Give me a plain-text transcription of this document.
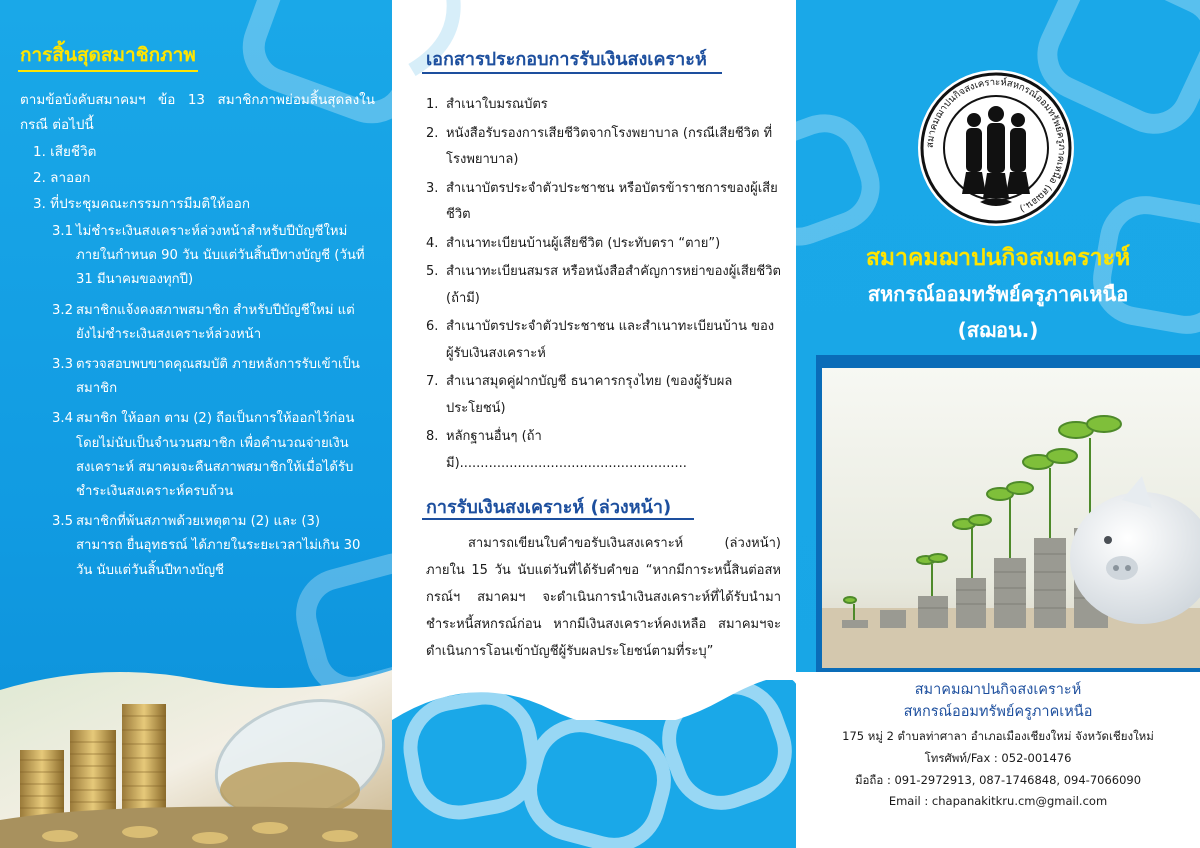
การสิ้นสุดสมาชิกภาพ
ตามข้อบังคับสมาคมฯ ข้อ 13 สมาชิกภาพย่อมสิ้นสุดลงในกรณี ต่อไปนี้
1. เสียชีวิต
2. ลาออก
3. ที่ประชุมคณะกรรมการมีมติให้ออก
3.1 ไม่ชำระเงินสงเคราะห์ล่วงหน้าสำหรับปีบัญชีใหม่ ภายในกำหนด 90 วัน นับแต่วันสิ้นปีทางบัญชี (วันที่ 31 มีนาคมของทุกปี)
3.2 สมาชิกแจ้งคงสภาพสมาชิก สำหรับปีบัญชีใหม่ แต่ยังไม่ชำระเงินสงเคราะห์ล่วงหน้า
3.3 ตรวจสอบพบขาดคุณสมบัติ ภายหลังการรับเข้าเป็นสมาชิก
3.4 สมาชิก ให้ออก ตาม (2) ถือเป็นการให้ออกไว้ก่อน โดยไม่นับเป็นจำนวนสมาชิก เพื่อคำนวณจ่ายเงินสงเคราะห์ สมาคมจะคืนสภาพสมาชิกให้เมื่อได้รับชำระเงินสงเคราะห์ครบถ้วน
3.5 สมาชิกที่พ้นสภาพด้วยเหตุตาม (2) และ (3) สามารถ ยื่นอุทธรณ์ ได้ภายในระยะเวลาไม่เกิน 30 วัน นับแต่วันสิ้นปีทางบัญชี
เอกสารประกอบการรับเงินสงเคราะห์
1. สำเนาใบมรณบัตร
2. หนังสือรับรองการเสียชีวิตจากโรงพยาบาล (กรณีเสียชีวิต ที่โรงพยาบาล)
3. สำเนาบัตรประจำตัวประชาชน หรือบัตรข้าราชการของผู้เสียชีวิต
4. สำเนาทะเบียนบ้านผู้เสียชีวิต (ประทับตรา “ตาย”)
5. สำเนาทะเบียนสมรส หรือหนังสือสำคัญการหย่าของผู้เสียชีวิต (ถ้ามี)
6. สำเนาบัตรประจำตัวประชาชน และสำเนาทะเบียนบ้าน ของผู้รับเงินสงเคราะห์
7. สำเนาสมุดคู่ฝากบัญชี ธนาคารกรุงไทย (ของผู้รับผลประโยชน์)
8. หลักฐานอื่นๆ (ถ้ามี).......................................................
การรับเงินสงเคราะห์ (ล่วงหน้า)
สามารถเขียนใบคำขอรับเงินสงเคราะห์ (ล่วงหน้า) ภายใน 15 วัน นับแต่วันที่ได้รับคำขอ “หากมีการะหนี้สินต่อสหกรณ์ฯ สมาคมฯ จะดำเนินการนำเงินสงเคราะห์ที่ได้รับนำมาชำระหนี้สหกรณ์ก่อน หากมีเงินสงเคราะห์คงเหลือ สมาคมฯจะดำเนินการโอนเข้าบัญชีผู้รับผลประโยชน์ตามที่ระบุ”
สมาคมฌาปนกิจสงเคราะห์สหกรณ์ออมทรัพย์ครูภาคเหนือ (สฌอน.)
สมาคมฌาปนกิจสงเคราะห์
สหกรณ์ออมทรัพย์ครูภาคเหนือ
(สฌอน.)
สมาคมฌาปนกิจสงเคราะห์
สหกรณ์ออมทรัพย์ครูภาคเหนือ
175 หมู่ 2 ตำบลท่าศาลา อำเภอเมืองเชียงใหม่ จังหวัดเชียงใหม่
โทรศัพท์/Fax : 052-001476
มือถือ : 091-2972913, 087-1746848, 094-7066090
Email : chapanakitkru.cm@gmail.com
